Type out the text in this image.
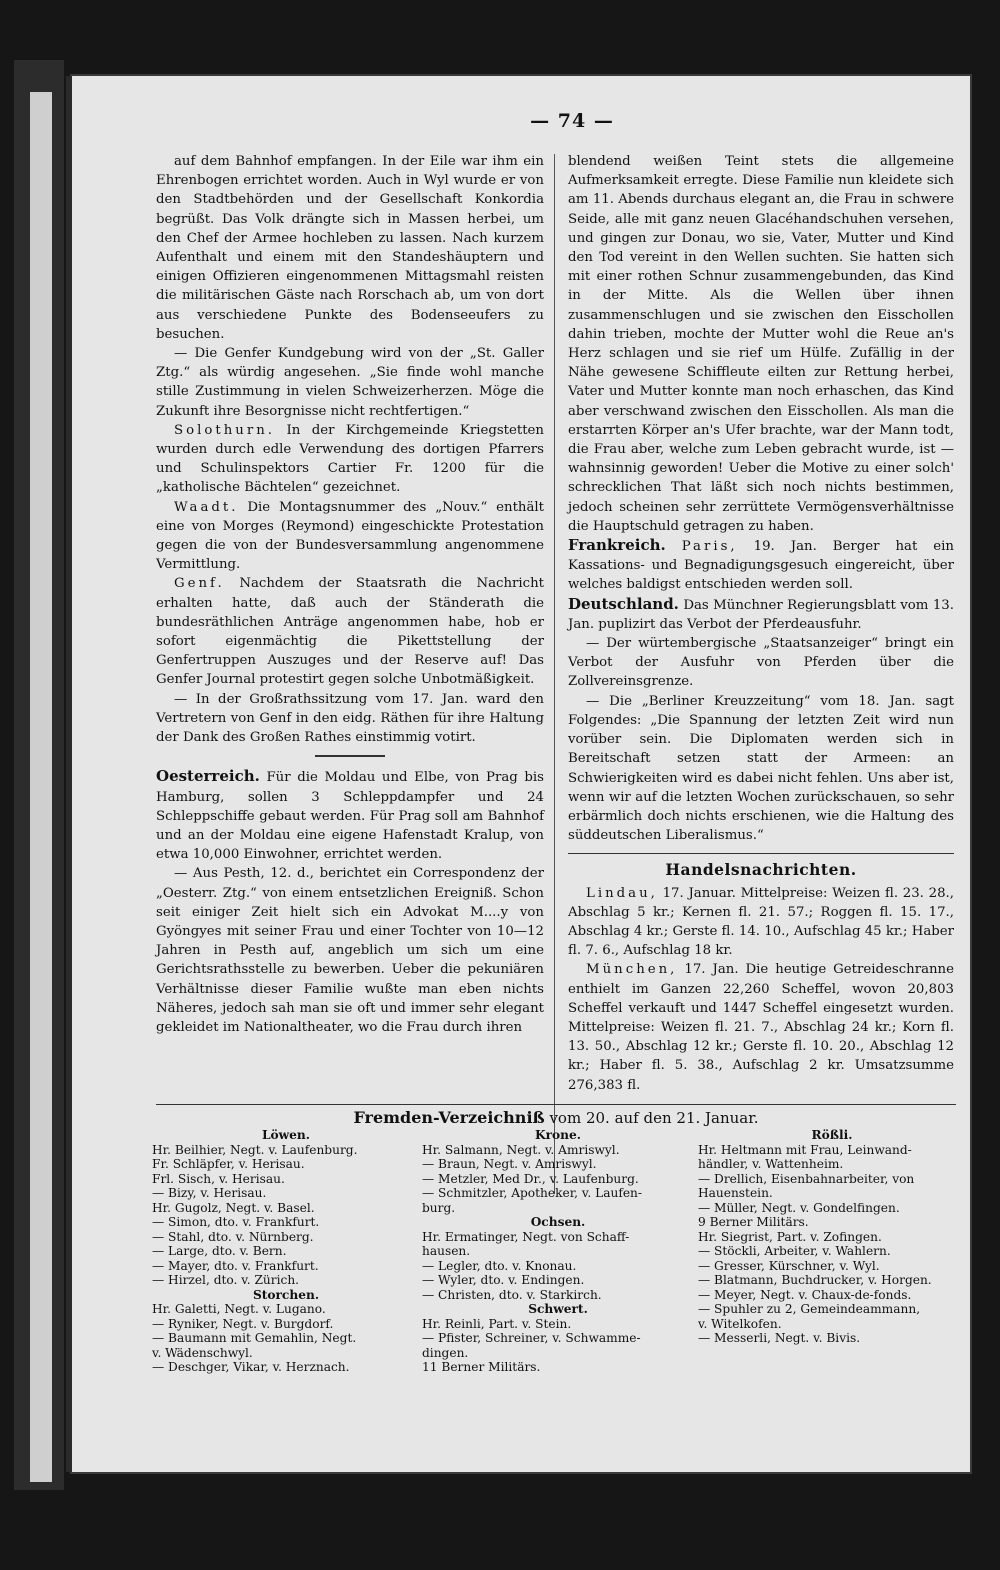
— 74 —

auf dem Bahnhof empfangen. In der Eile war ihm ein Ehrenbogen errichtet worden. Auch in Wyl wurde er von den Stadtbehörden und der Gesellschaft Konkordia begrüßt. Das Volk drängte sich in Massen herbei, um den Chef der Armee hochleben zu lassen. Nach kurzem Aufenthalt und einem mit den Standeshäuptern und einigen Offizieren eingenommenen Mittagsmahl reisten die militärischen Gäste nach Rorschach ab, um von dort aus verschiedene Punkte des Bodenseeufers zu besuchen.

— Die Genfer Kundgebung wird von der „St. Galler Ztg.“ als würdig angesehen. „Sie finde wohl manche stille Zustimmung in vielen Schweizerherzen. Möge die Zukunft ihre Besorgnisse nicht rechtfertigen.“

Solothurn. In der Kirchgemeinde Kriegstetten wurden durch edle Verwendung des dortigen Pfarrers und Schulinspektors Cartier Fr. 1200 für die „katholische Bächtelen“ gezeichnet.

Waadt. Die Montagsnummer des „Nouv.“ enthält eine von Morges (Reymond) eingeschickte Protestation gegen die von der Bundesversammlung angenommene Vermittlung.

Genf. Nachdem der Staatsrath die Nachricht erhalten hatte, daß auch der Ständerath die bundesräthlichen Anträge angenommen habe, hob er sofort eigenmächtig die Pikettstellung der Genfertruppen Auszuges und der Reserve auf! Das Genfer Journal protestirt gegen solche Unbotmäßigkeit.

— In der Großrathssitzung vom 17. Jan. ward den Vertretern von Genf in den eidg. Räthen für ihre Haltung der Dank des Großen Rathes einstimmig votirt.

Oesterreich. Für die Moldau und Elbe, von Prag bis Hamburg, sollen 3 Schleppdampfer und 24 Schleppschiffe gebaut werden. Für Prag soll am Bahnhof und an der Moldau eine eigene Hafenstadt Kralup, von etwa 10,000 Einwohner, errichtet werden.

— Aus Pesth, 12. d., berichtet ein Correspondenz der „Oesterr. Ztg.“ von einem entsetzlichen Ereigniß. Schon seit einiger Zeit hielt sich ein Advokat M....y von Gyöngyes mit seiner Frau und einer Tochter von 10—12 Jahren in Pesth auf, angeblich um sich um eine Gerichtsrathsstelle zu bewerben. Ueber die pekuniären Verhältnisse dieser Familie wußte man eben nichts Näheres, jedoch sah man sie oft und immer sehr elegant gekleidet im Nationaltheater, wo die Frau durch ihren

blendend weißen Teint stets die allgemeine Aufmerksamkeit erregte. Diese Familie nun kleidete sich am 11. Abends durchaus elegant an, die Frau in schwere Seide, alle mit ganz neuen Glacéhandschuhen versehen, und gingen zur Donau, wo sie, Vater, Mutter und Kind den Tod vereint in den Wellen suchten. Sie hatten sich mit einer rothen Schnur zusammengebunden, das Kind in der Mitte. Als die Wellen über ihnen zusammenschlugen und sie zwischen den Eisschollen dahin trieben, mochte der Mutter wohl die Reue an's Herz schlagen und sie rief um Hülfe. Zufällig in der Nähe gewesene Schiffleute eilten zur Rettung herbei, Vater und Mutter konnte man noch erhaschen, das Kind aber verschwand zwischen den Eisschollen. Als man die erstarrten Körper an's Ufer brachte, war der Mann todt, die Frau aber, welche zum Leben gebracht wurde, ist — wahnsinnig geworden! Ueber die Motive zu einer solch' schrecklichen That läßt sich noch nichts bestimmen, jedoch scheinen sehr zerrüttete Vermögensverhältnisse die Hauptschuld getragen zu haben.

Frankreich. Paris, 19. Jan. Berger hat ein Kassations- und Begnadigungsgesuch eingereicht, über welches baldigst entschieden werden soll.

Deutschland. Das Münchner Regierungsblatt vom 13. Jan. puplizirt das Verbot der Pferdeausfuhr.

— Der würtembergische „Staatsanzeiger“ bringt ein Verbot der Ausfuhr von Pferden über die Zollvereinsgrenze.

— Die „Berliner Kreuzzeitung“ vom 18. Jan. sagt Folgendes: „Die Spannung der letzten Zeit wird nun vorüber sein. Die Diplomaten werden sich in Bereitschaft setzen statt der Armeen: an Schwierigkeiten wird es dabei nicht fehlen. Uns aber ist, wenn wir auf die letzten Wochen zurückschauen, so sehr erbärmlich doch nichts erschienen, wie die Haltung des süddeutschen Liberalismus.“

Handelsnachrichten.

Lindau, 17. Januar. Mittelpreise: Weizen fl. 23. 28., Abschlag 5 kr.; Kernen fl. 21. 57.; Roggen fl. 15. 17., Abschlag 4 kr.; Gerste fl. 14. 10., Aufschlag 45 kr.; Haber fl. 7. 6., Aufschlag 18 kr.

München, 17. Jan. Die heutige Getreideschranne enthielt im Ganzen 22,260 Scheffel, wovon 20,803 Scheffel verkauft und 1447 Scheffel eingesetzt wurden. Mittelpreise: Weizen fl. 21. 7., Abschlag 24 kr.; Korn fl. 13. 50., Abschlag 12 kr.; Gerste fl. 10. 20., Abschlag 12 kr.; Haber fl. 5. 38., Aufschlag 2 kr. Umsatzsumme 276,383 fl.

Fremden-Verzeichniß vom 20. auf den 21. Januar.
Löwen.
Hr. Beilhier, Negt. v. Laufenburg.
Fr. Schläpfer, v. Herisau.
Frl. Sisch, v. Herisau.
— Bizy, v. Herisau.
Hr. Gugolz, Negt. v. Basel.
— Simon, dto. v. Frankfurt.
— Stahl, dto. v. Nürnberg.
— Large, dto. v. Bern.
— Mayer, dto. v. Frankfurt.
— Hirzel, dto. v. Zürich.
Storchen.
Hr. Galetti, Negt. v. Lugano.
— Ryniker, Negt. v. Burgdorf.
— Baumann mit Gemahlin, Negt.
v. Wädenschwyl.
— Deschger, Vikar, v. Herznach.
Krone.
Hr. Salmann, Negt. v. Amriswyl.
— Braun, Negt. v. Amriswyl.
— Metzler, Med Dr., v. Laufenburg.
— Schmitzler, Apotheker, v. Laufen-
burg.
Ochsen.
Hr. Ermatinger, Negt. von Schaff-
hausen.
— Legler, dto. v. Knonau.
— Wyler, dto. v. Endingen.
— Christen, dto. v. Starkirch.
Schwert.
Hr. Reinli, Part. v. Stein.
— Pfister, Schreiner, v. Schwamme-
dingen.
11 Berner Militärs.
Rößli.
Hr. Heltmann mit Frau, Leinwand-
händler, v. Wattenheim.
— Drellich, Eisenbahnarbeiter, von
Hauenstein.
— Müller, Negt. v. Gondelfingen.
9 Berner Militärs.
Hr. Siegrist, Part. v. Zofingen.
— Stöckli, Arbeiter, v. Wahlern.
— Gresser, Kürschner, v. Wyl.
— Blatmann, Buchdrucker, v. Horgen.
— Meyer, Negt. v. Chaux-de-fonds.
— Spuhler zu 2, Gemeindeammann,
v. Witelkofen.
— Messerli, Negt. v. Bivis.
